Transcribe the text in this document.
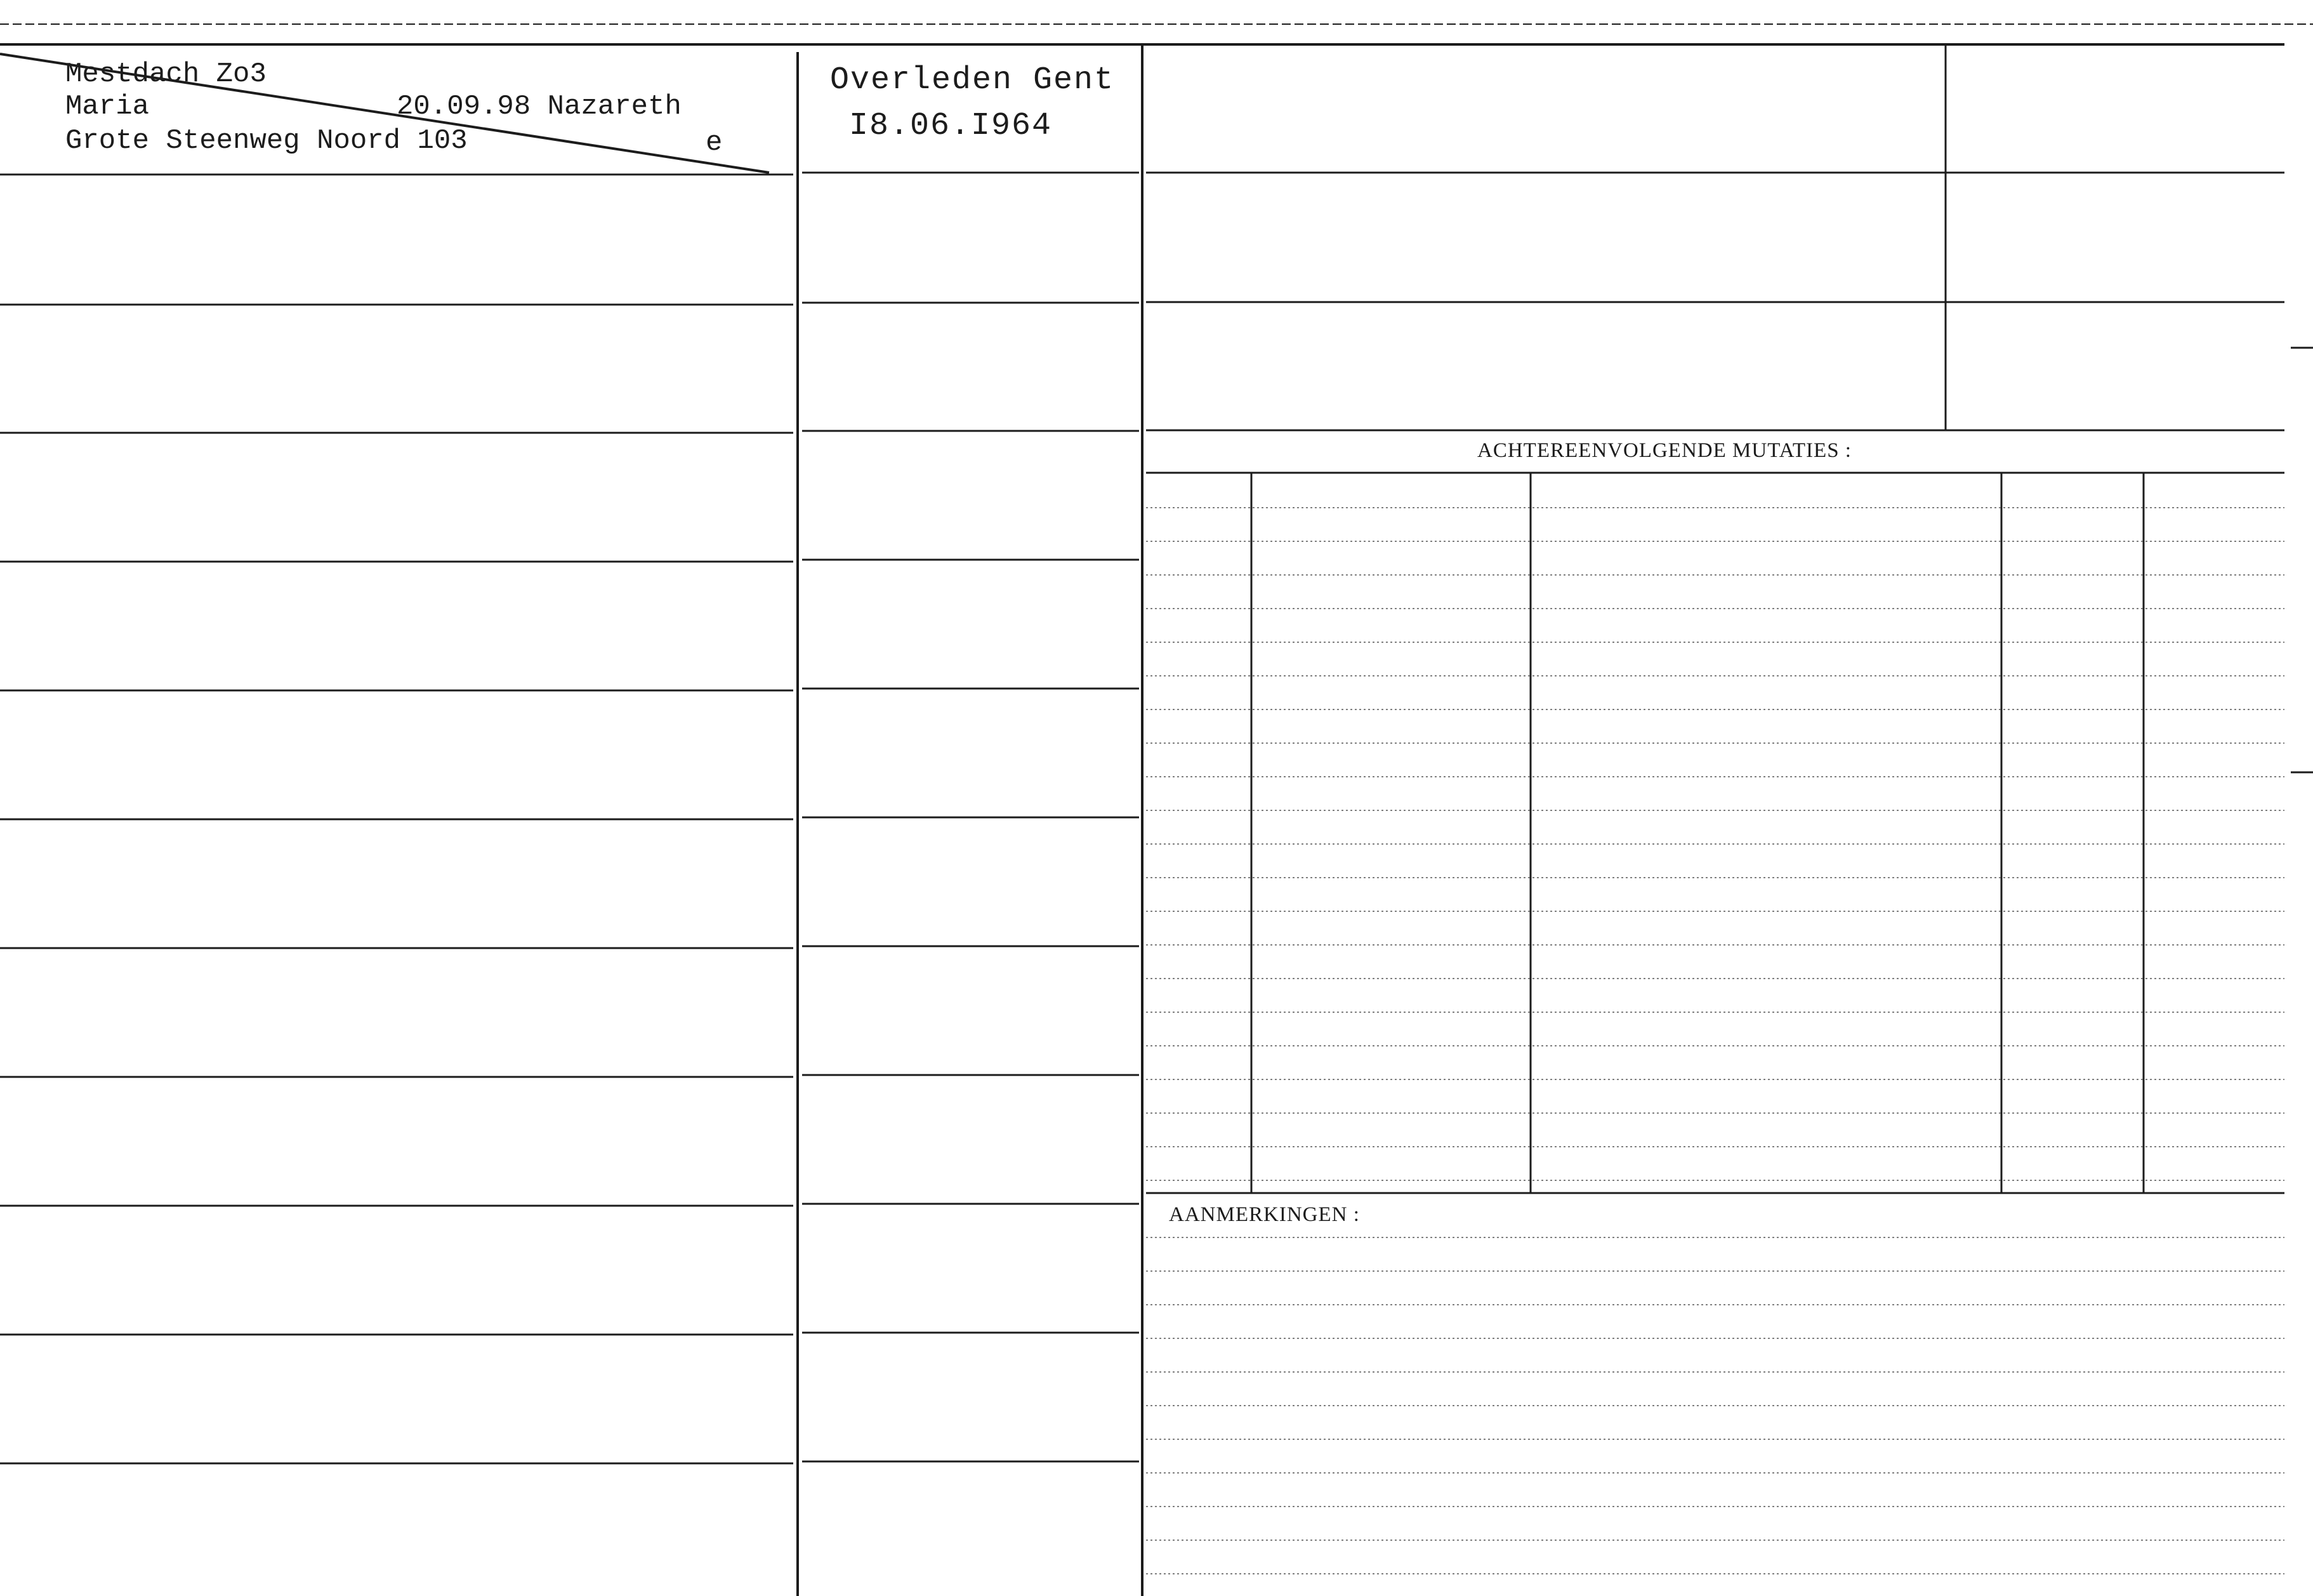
Mestdach Zo3
Maria	20.09.98 Nazareth
Grote Steenweg Noord 103	e
Overleden Gent
I8.06.I964
ACHTEREENVOLGENDE MUTATIES :
AANMERKINGEN :
